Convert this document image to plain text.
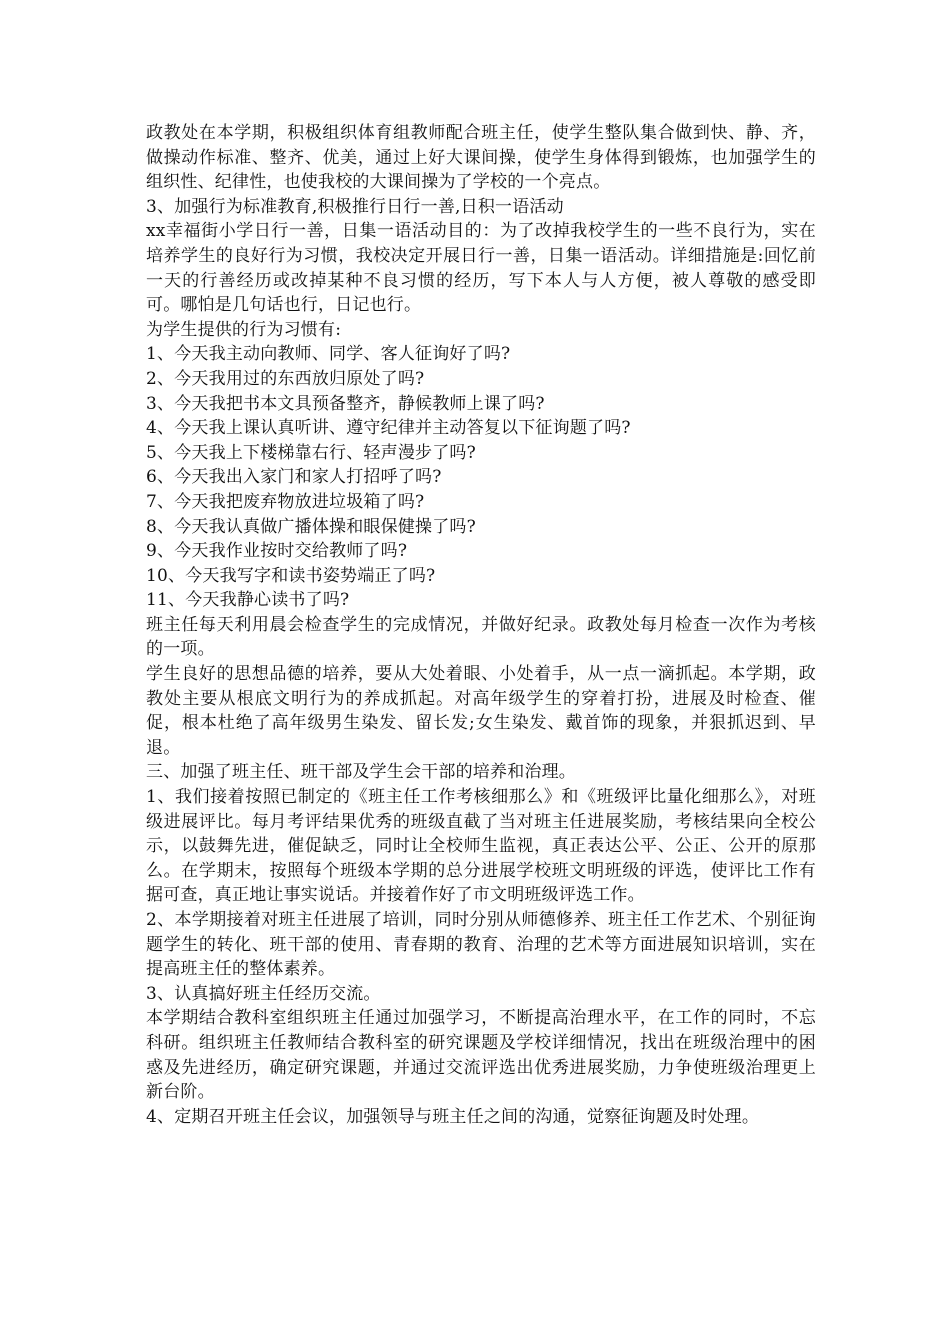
政教处在本学期，积极组织体育组教师配合班主任，使学生整队集合做到快、静、齐，做操动作标准、整齐、优美，通过上好大课间操，使学生身体得到锻炼，也加强学生的组织性、纪律性，也使我校的大课间操为了学校的一个亮点。

3、加强行为标准教育,积极推行日行一善,日积一语活动

xx幸福街小学日行一善，日集一语活动目的：为了改掉我校学生的一些不良行为，实在培养学生的良好行为习惯，我校决定开展日行一善，日集一语活动。详细措施是:回忆前一天的行善经历或改掉某种不良习惯的经历，写下本人与人方便，被人尊敬的感受即可。哪怕是几句话也行，日记也行。

为学生提供的行为习惯有:

1、今天我主动向教师、同学、客人征询好了吗?

2、今天我用过的东西放归原处了吗?

3、今天我把书本文具预备整齐，静候教师上课了吗?

4、今天我上课认真听讲、遵守纪律并主动答复以下征询题了吗?

5、今天我上下楼梯靠右行、轻声漫步了吗?

6、今天我出入家门和家人打招呼了吗?

7、今天我把废弃物放进垃圾箱了吗?

8、今天我认真做广播体操和眼保健操了吗?

9、今天我作业按时交给教师了吗?

10、今天我写字和读书姿势端正了吗?

11、今天我静心读书了吗?

班主任每天利用晨会检查学生的完成情况，并做好纪录。政教处每月检查一次作为考核的一项。

学生良好的思想品德的培养，要从大处着眼、小处着手，从一点一滴抓起。本学期，政教处主要从根底文明行为的养成抓起。对高年级学生的穿着打扮，进展及时检查、催促，根本杜绝了高年级男生染发、留长发;女生染发、戴首饰的现象，并狠抓迟到、早退。

三、加强了班主任、班干部及学生会干部的培养和治理。

1、我们接着按照已制定的《班主任工作考核细那么》和《班级评比量化细那么》，对班级进展评比。每月考评结果优秀的班级直截了当对班主任进展奖励，考核结果向全校公示，以鼓舞先进，催促缺乏，同时让全校师生监视，真正表达公平、公正、公开的原那么。在学期末，按照每个班级本学期的总分进展学校班文明班级的评选，使评比工作有据可查，真正地让事实说话。并接着作好了市文明班级评选工作。

2、本学期接着对班主任进展了培训，同时分别从师德修养、班主任工作艺术、个别征询题学生的转化、班干部的使用、青春期的教育、治理的艺术等方面进展知识培训，实在提高班主任的整体素养。

3、认真搞好班主任经历交流。

本学期结合教科室组织班主任通过加强学习，不断提高治理水平，在工作的同时，不忘科研。组织班主任教师结合教科室的研究课题及学校详细情况，找出在班级治理中的困惑及先进经历，确定研究课题，并通过交流评选出优秀进展奖励，力争使班级治理更上新台阶。

4、定期召开班主任会议，加强领导与班主任之间的沟通，觉察征询题及时处理。
